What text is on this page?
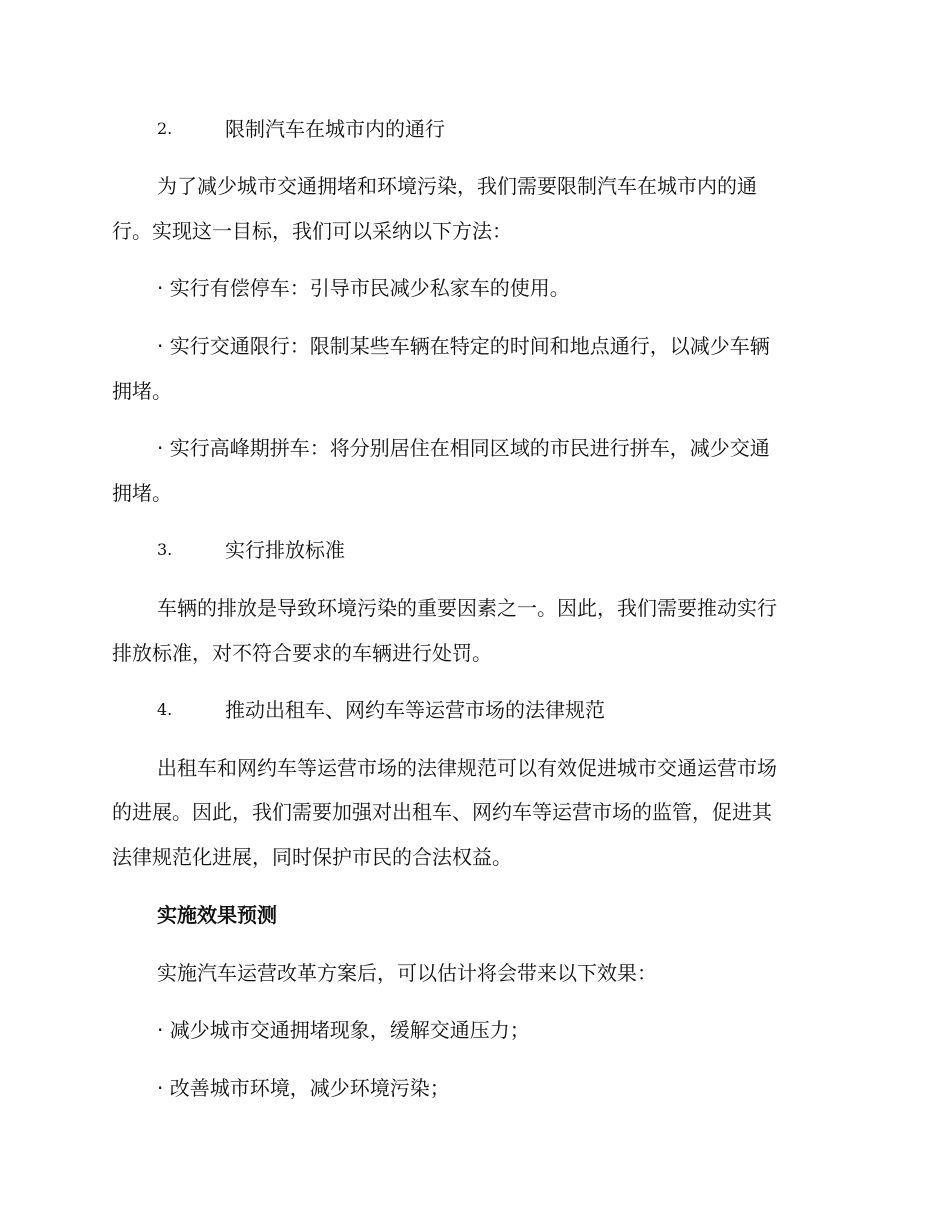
2.	限制汽车在城市内的通行
为了减少城市交通拥堵和环境污染，我们需要限制汽车在城市内的通
行。实现这一目标，我们可以采纳以下方法：
· 实行有偿停车：引导市民减少私家车的使用。
· 实行交通限行：限制某些车辆在特定的时间和地点通行，以减少车辆
拥堵。
· 实行高峰期拼车：将分别居住在相同区域的市民进行拼车，减少交通
拥堵。
3.	实行排放标准
车辆的排放是导致环境污染的重要因素之一。因此，我们需要推动实行
排放标准，对不符合要求的车辆进行处罚。
4.	推动出租车、网约车等运营市场的法律规范
出租车和网约车等运营市场的法律规范可以有效促进城市交通运营市场
的进展。因此，我们需要加强对出租车、网约车等运营市场的监管，促进其
法律规范化进展，同时保护市民的合法权益。
实施效果预测
实施汽车运营改革方案后，可以估计将会带来以下效果：
· 减少城市交通拥堵现象，缓解交通压力；
· 改善城市环境，减少环境污染；
